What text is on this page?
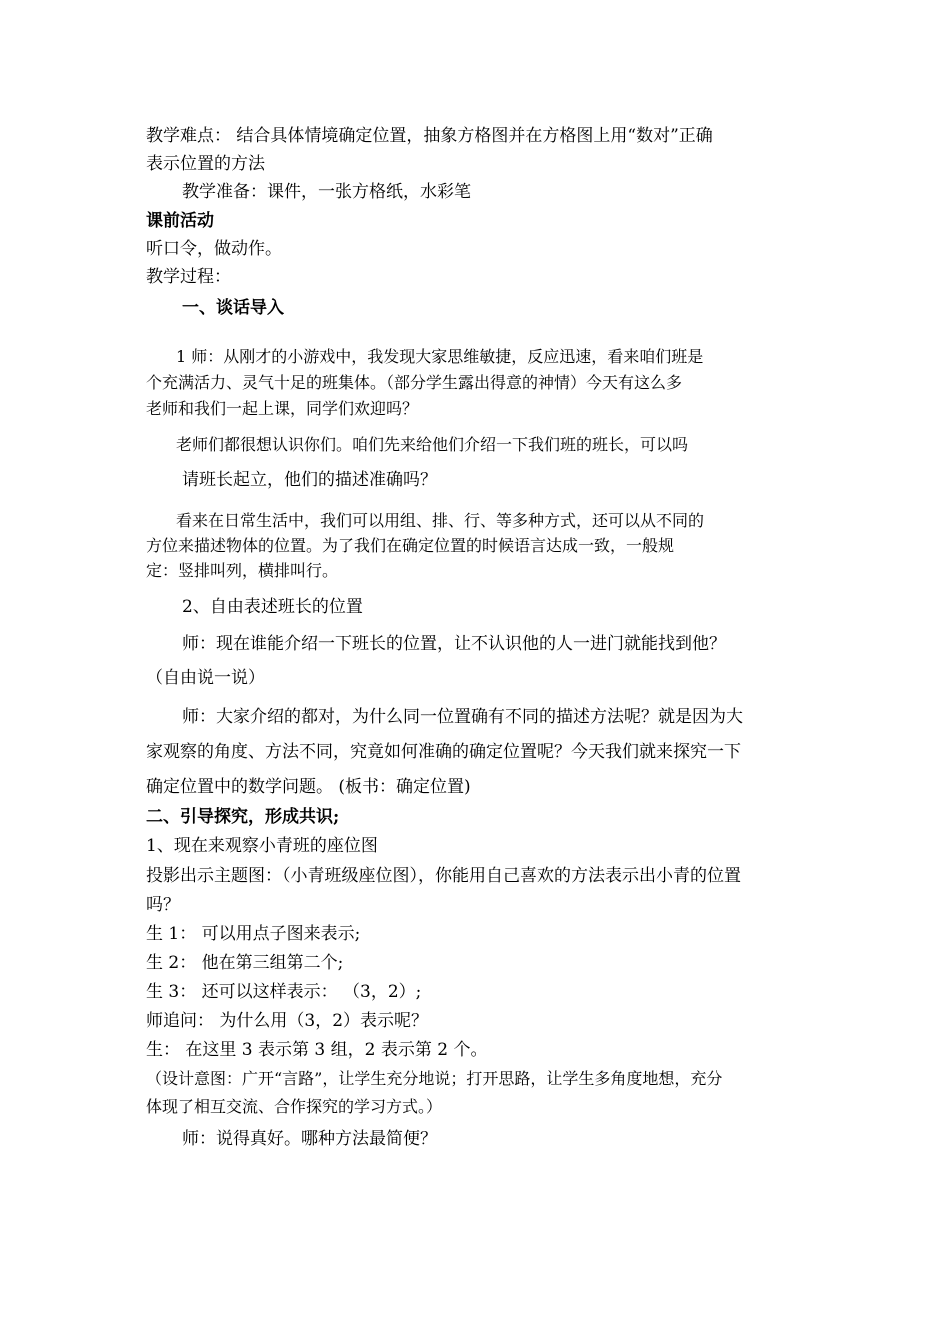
教学难点： 结合具体情境确定位置，抽象方格图并在方格图上用“数对”正确
表示位置的方法
教学准备：课件，一张方格纸，水彩笔
课前活动
听口令，做动作。
教学过程：
一、谈话导入
1 师：从刚才的小游戏中，我发现大家思维敏捷，反应迅速，看来咱们班是
个充满活力、灵气十足的班集体。（部分学生露出得意的神情）今天有这么多
老师和我们一起上课，同学们欢迎吗？
老师们都很想认识你们。咱们先来给他们介绍一下我们班的班长，可以吗
请班长起立，他们的描述准确吗？
看来在日常生活中，我们可以用组、排、行、等多种方式，还可以从不同的
方位来描述物体的位置。为了我们在确定位置的时候语言达成一致，一般规
定：竖排叫列，横排叫行。
2、自由表述班长的位置
师：现在谁能介绍一下班长的位置，让不认识他的人一进门就能找到他？
（自由说一说）
师：大家介绍的都对，为什么同一位置确有不同的描述方法呢？就是因为大
家观察的角度、方法不同，究竟如何准确的确定位置呢？今天我们就来探究一下
确定位置中的数学问题。 (板书：确定位置)
二、引导探究，形成共识;
1、现在来观察小青班的座位图
投影出示主题图：（小青班级座位图），你能用自己喜欢的方法表示出小青的位置
吗？
生 1： 可以用点子图来表示;
生 2： 他在第三组第二个;
生 3： 还可以这样表示： （3，2）;
师追问： 为什么用（3，2）表示呢？
生： 在这里 3 表示第 3 组，2 表示第 2 个。
（设计意图：广开“言路”，让学生充分地说；打开思路，让学生多角度地想，充分
体现了相互交流、合作探究的学习方式。）
师：说得真好。哪种方法最简便？
